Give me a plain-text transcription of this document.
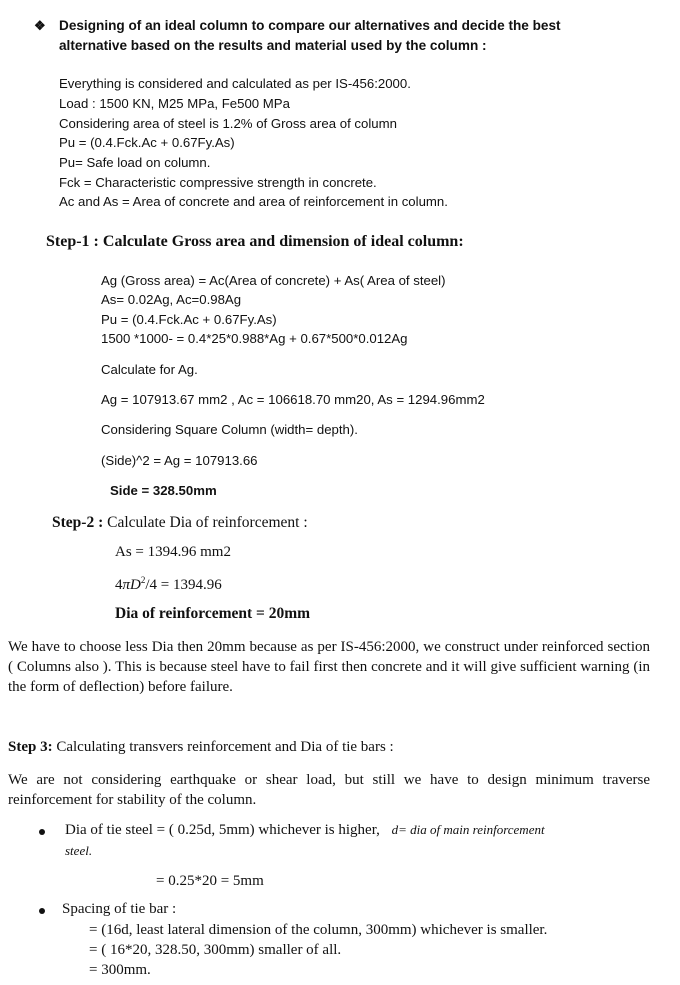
❖ Designing of an ideal column to compare our alternatives and decide the best
alternative based on the results and material used by the column :
Everything is considered and calculated as per IS-456:2000.
Load : 1500 KN, M25 MPa, Fe500 MPa
Considering area of steel is 1.2% of Gross area of column
Pu = (0.4.Fck.Ac + 0.67Fy.As)
Pu= Safe load on column.
Fck = Characteristic compressive strength in concrete.
Ac and As = Area of concrete and area of reinforcement in column.
Step-1 : Calculate Gross area and dimension of ideal column:
Ag (Gross area) = Ac(Area of concrete) + As( Area of steel)
As= 0.02Ag, Ac=0.98Ag
Pu = (0.4.Fck.Ac + 0.67Fy.As)
1500 *1000- = 0.4*25*0.988*Ag + 0.67*500*0.012Ag
Calculate for Ag.
Ag = 107913.67 mm2 , Ac = 106618.70 mm20, As = 1294.96mm2
Considering Square Column (width= depth).
(Side)^2 = Ag = 107913.66
Side = 328.50mm
Step-2 : Calculate Dia of reinforcement :
As = 1394.96 mm2
$4\pi D^2/4 = 1394.96$
Dia of reinforcement = 20mm
We have to choose less Dia then 20mm because as per IS-456:2000, we construct under reinforced section ( Columns also ). This is because steel have to fail first then concrete and it will give sufficient warning (in the form of deflection) before failure.
Step 3: Calculating transvers reinforcement and Dia of tie bars :
We are not considering earthquake or shear load, but still we have to design minimum traverse reinforcement for stability of the column.
Dia of tie steel = ( 0.25d, 5mm) whichever is higher, d= dia of main reinforcement
steel.
= 0.25*20 = 5mm
Spacing of tie bar :
= (16d, least lateral dimension of the column, 300mm) whichever is smaller.
= ( 16*20, 328.50, 300mm) smaller of all.
= 300mm.
